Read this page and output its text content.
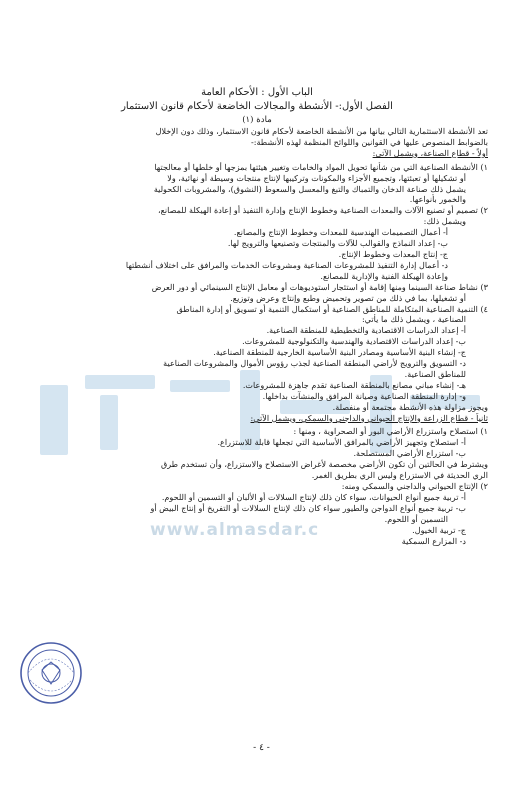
www.almasdar.c
الباب الأول : الأحكام العامة
الفصل الأول:- الأنشطة والمجالات الخاضعة لأحكام قانون الاستثمار
مادة (١)
تعد الأنشطة الاستثمارية التالي بيانها من الأنشطة الخاضعة لأحكام قانون الاستثمار، وذلك دون الإخلال
بالضوابط المنصوص عليها في القوانين واللوائح المنظمة لهذه الأنشطة:-
أولاً - قطاع الصناعة، ويشمل الآتي:
١) الأنشطة الصناعية التي من شأنها تحويل المواد والخامات وتغيير هيئتها بمزجها أو خلطها أو معالجتها
أو تشكيلها أو تعبئتها، وتجميع الأجزاء والمكونات وتركيبها لإنتاج منتجات وسيطة أو نهائية، ولا
يشمل ذلك صناعة الدخان والتمباك والتبغ والمعسل والسعوط (النشوق)، والمشروبات الكحولية
والخمور بأنواعها.
٢) تصميم أو تصنيع الآلات والمعدات الصناعية وخطوط الإنتاج وإدارة التنفيذ أو إعادة الهيكلة للمصانع،
ويشمل ذلك:
أ- أعمال التصميمات الهندسية للمعدات وخطوط الإنتاج والمصانع.
ب- إعداد النماذج والقوالب للآلات والمنتجات وتصنيعها والترويج لها.
ج- إنتاج المعدات وخطوط الإنتاج.
د- أعمال إدارة التنفيذ للمشروعات الصناعية ومشروعات الخدمات والمرافق على اختلاف أنشطتها
وإعادة الهيكلة الفنية والإدارية للمصانع.
٣) نشاط صناعة السينما ومنها إقامة أو استئجار استوديوهات أو معامل الإنتاج السينمائي أو دور العرض
أو تشغيلها، بما في ذلك من تصوير وتحميض وطبع وإنتاج وعرض وتوزيع.
٤) التنمية الصناعية المتكاملة للمناطق الصناعية أو استكمال التنمية أو تسويق أو إدارة المناطق
الصناعية ، ويشمل ذلك ما يأتي:
أ- إعداد الدراسات الاقتصادية والتخطيطية للمنطقة الصناعية.
ب- إعداد الدراسات الاقتصادية والهندسية والتكنولوجية للمشروعات.
ج- إنشاء البنية الأساسية ومصادر البنية الأساسية الخارجية للمنطقة الصناعية.
د- التسويق والترويج لأراضي المنطقة الصناعية لجذب رؤوس الأموال والمشروعات الصناعية
للمناطق الصناعية.
هـ- إنشاء مباني مصانع بالمنطقة الصناعية تقدم جاهزة للمشروعات.
و- إدارة المنطقة الصناعية وصيانة المرافق والمنشآت بداخلها.
ويجوز مزاولة هذه الأنشطة مجتمعة أو منفصلة.
ثانياً - قطاع الزراعة والإنتاج الحيواني والداجني والسمكي، ويشمل الآتي:
١) استصلاح واستزراع الأراضي البور أو الصحراوية ، ومنها :
أ- استصلاح وتجهيز الأراضي بالمرافق الأساسية التي تجعلها قابلة للاستزراع.
ب- استزراع الأراضي المستصلحة.
ويشترط في الحالتين أن تكون الأراضي مخصصة لأغراض الاستصلاح والاستزراع، وأن تستخدم طرق
الري الحديثة في الاستزراع وليس الري بطريق الغمر.
٢) الإنتاج الحيواني والداجني والسمكي ومنه:
أ- تربية جميع أنواع الحيوانات، سواء كان ذلك لإنتاج السلالات أو الألبان أو التسمين أو اللحوم.
ب- تربية جميع أنواع الدواجن والطيور سواء كان ذلك لإنتاج السلالات أو التفريخ أو إنتاج البيض أو
التسمين أو اللحوم.
ج- تربية الخيول.
د- المزارع السمكية
- ٤ -
